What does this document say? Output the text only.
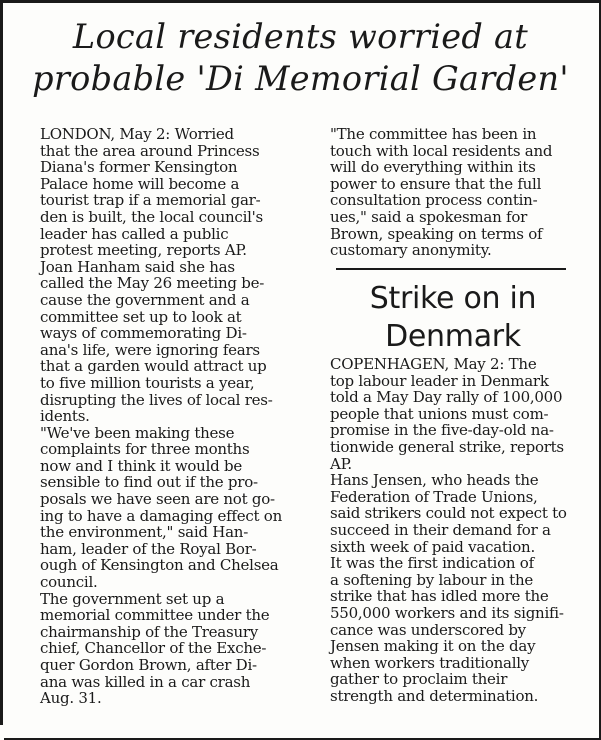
Local residents worried at
probable 'Di Memorial Garden'

LONDON, May 2: Worried
that the area around Princess
Diana's former Kensington
Palace home will become a
tourist trap if a memorial gar-
den is built, the local council's
leader has called a public
protest meeting, reports AP.

Joan Hanham said she has
called the May 26 meeting be-
cause the government and a
committee set up to look at
ways of commemorating Di-
ana's life, were ignoring fears
that a garden would attract up
to five million tourists a year,
disrupting the lives of local res-
idents.

"We've been making these
complaints for three months
now and I think it would be
sensible to find out if the pro-
posals we have seen are not go-
ing to have a damaging effect on
the environment," said Han-
ham, leader of the Royal Bor-
ough of Kensington and Chelsea
council.

The government set up a
memorial committee under the
chairmanship of the Treasury
chief, Chancellor of the Exche-
quer Gordon Brown, after Di-
ana was killed in a car crash
Aug. 31.

"The committee has been in
touch with local residents and
will do everything within its
power to ensure that the full
consultation process contin-
ues," said a spokesman for
Brown, speaking on terms of
customary anonymity.

Strike on in
Denmark

COPENHAGEN, May 2: The
top labour leader in Denmark
told a May Day rally of 100,000
people that unions must com-
promise in the five-day-old na-
tionwide general strike, reports
AP.

Hans Jensen, who heads the
Federation of Trade Unions,
said strikers could not expect to
succeed in their demand for a
sixth week of paid vacation.

It was the first indication of
a softening by labour in the
strike that has idled more the
550,000 workers and its signifi-
cance was underscored by
Jensen making it on the day
when workers traditionally
gather to proclaim their
strength and determination.
